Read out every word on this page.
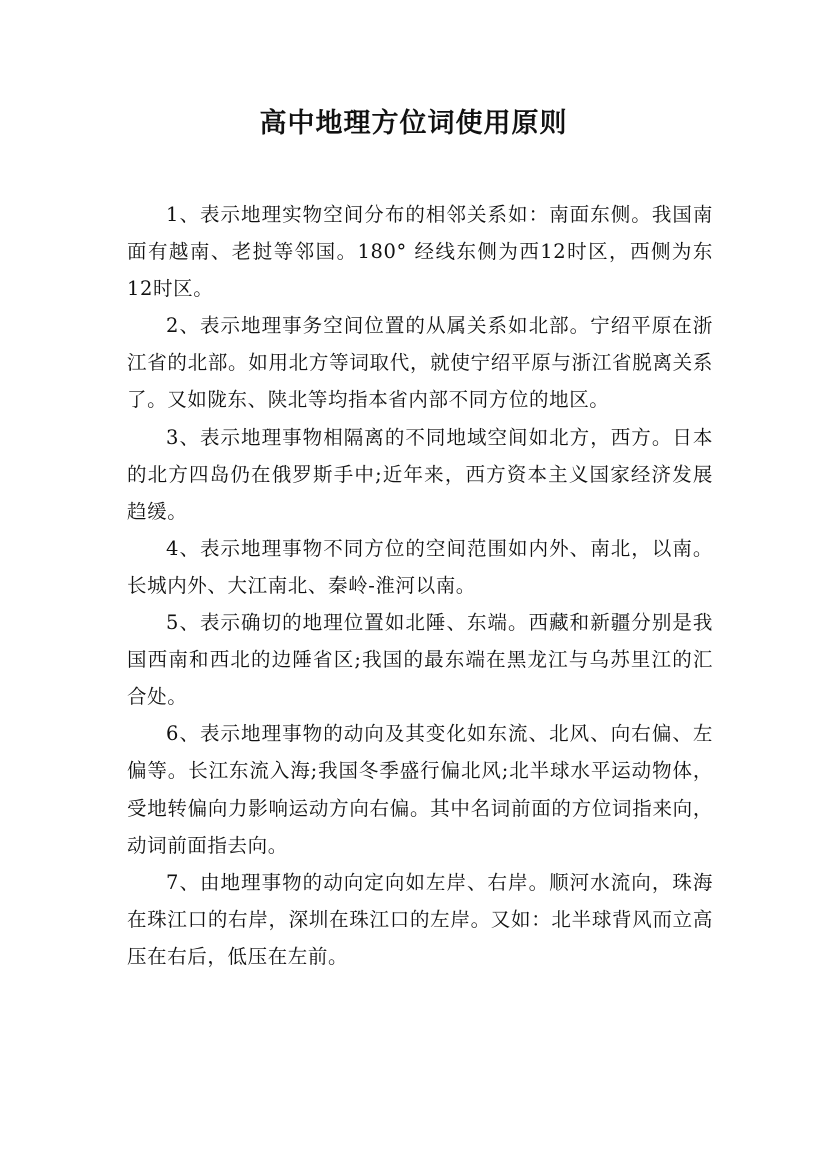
高中地理方位词使用原则

1、表示地理实物空间分布的相邻关系如：南面东侧。我国南面有越南、老挝等邻国。180° 经线东侧为西12时区，西侧为东12时区。

2、表示地理事务空间位置的从属关系如北部。宁绍平原在浙江省的北部。如用北方等词取代，就使宁绍平原与浙江省脱离关系了。又如陇东、陕北等均指本省内部不同方位的地区。

3、表示地理事物相隔离的不同地域空间如北方，西方。日本的北方四岛仍在俄罗斯手中;近年来，西方资本主义国家经济发展趋缓。

4、表示地理事物不同方位的空间范围如内外、南北，以南。长城内外、大江南北、秦岭-淮河以南。

5、表示确切的地理位置如北陲、东端。西藏和新疆分别是我国西南和西北的边陲省区;我国的最东端在黑龙江与乌苏里江的汇合处。

6、表示地理事物的动向及其变化如东流、北风、向右偏、左偏等。长江东流入海;我国冬季盛行偏北风;北半球水平运动物体，受地转偏向力影响运动方向右偏。其中名词前面的方位词指来向，动词前面指去向。

7、由地理事物的动向定向如左岸、右岸。顺河水流向，珠海在珠江口的右岸，深圳在珠江口的左岸。又如：北半球背风而立高压在右后，低压在左前。
